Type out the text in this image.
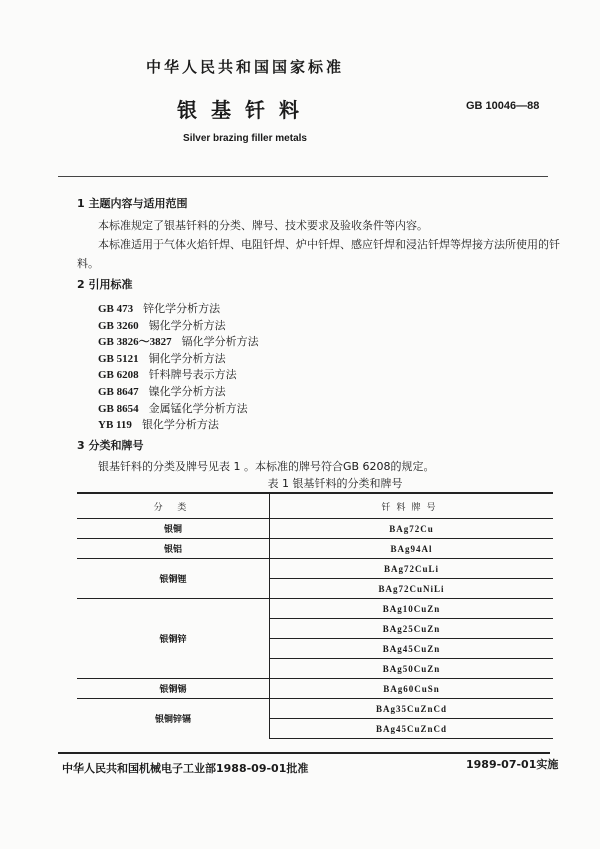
中华人民共和国国家标准
银基钎料	GB 10046—88
Silver brazing filler metals
1 主题内容与适用范围
本标准规定了银基钎料的分类、牌号、技术要求及验收条件等内容。
本标准适用于气体火焰钎焊、电阻钎焊、炉中钎焊、感应钎焊和浸沾钎焊等焊接方法所使用的钎
料。
2 引用标准
GB 473 锌化学分析方法
GB 3260 锡化学分析方法
GB 3826～3827 镉化学分析方法
GB 5121 铜化学分析方法
GB 6208 钎料牌号表示方法
GB 8647 镍化学分析方法
GB 8654 金属锰化学分析方法
YB 119 银化学分析方法
3 分类和牌号
银基钎料的分类及牌号见表 1 。本标准的牌号符合GB 6208的规定。
表 1 银基钎料的分类和牌号
分 类	钎料牌号
银铜	BAg72Cu
银铝	BAg94Al
银铜锂	BAg72CuLi
	BAg72CuNiLi
银铜锌	BAg10CuZn
	BAg25CuZn
	BAg45CuZn
	BAg50CuZn
银铜锡	BAg60CuSn
银铜锌镉	BAg35CuZnCd
	BAg45CuZnCd
中华人民共和国机械电子工业部1988-09-01批准	1989-07-01实施
